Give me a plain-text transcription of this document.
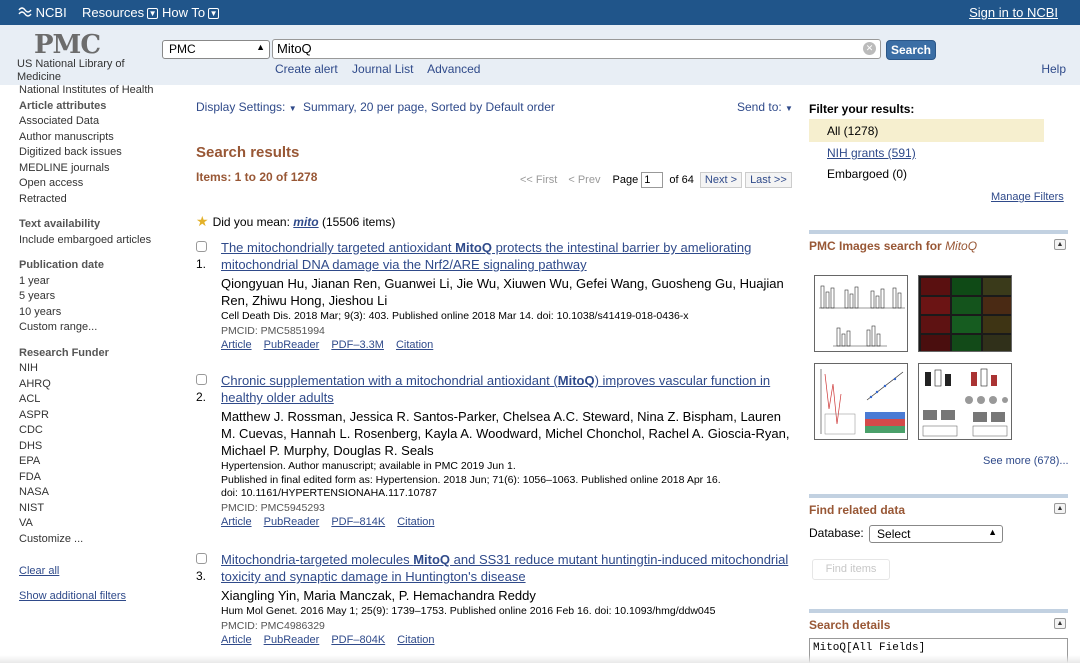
NCBI Resources ▼ How To ▼	Sign in to NCBI
PMC
US National Library of
Medicine
PMC	▲ MitoQ	✕	Search
Create alert Journal List Advanced	Help
National Institutes of Health
Article attributes
Associated Data
Author manuscripts
Digitized back issues
MEDLINE journals
Open access
Retracted
Text availability
Include embargoed articles
Publication date
1 year
5 years
10 years
Custom range...
Research Funder
NIH
AHRQ
ACL
ASPR
CDC
DHS
EPA
FDA
NASA
NIST
VA
Customize ...
Clear all
Show additional filters
Display Settings: ▼ Summary, 20 per page, Sorted by Default order	Send to: ▼
Search results
Items: 1 to 20 of 1278	<< First < Prev Page 1	of 64 Next > Last >>
★ Did you mean: mito (15506 items)
1.
The mitochondrially targeted antioxidant MitoQ protects the intestinal barrier by ameliorating mitochondrial DNA damage via the Nrf2/ARE signaling pathway
Qiongyuan Hu, Jianan Ren, Guanwei Li, Jie Wu, Xiuwen Wu, Gefei Wang, Guosheng Gu, Huajian Ren, Zhiwu Hong, Jieshou Li
Cell Death Dis. 2018 Mar; 9(3): 403. Published online 2018 Mar 14. doi: 10.1038/s41419-018-0436-x
PMCID: PMC5851994
Article PubReader PDF–3.3M Citation
2.
Chronic supplementation with a mitochondrial antioxidant (MitoQ) improves vascular function in healthy older adults
Matthew J. Rossman, Jessica R. Santos-Parker, Chelsea A.C. Steward, Nina Z. Bispham, Lauren M. Cuevas, Hannah L. Rosenberg, Kayla A. Woodward, Michel Chonchol, Rachel A. Gioscia-Ryan, Michael P. Murphy, Douglas R. Seals
Hypertension. Author manuscript; available in PMC 2019 Jun 1.
Published in final edited form as: Hypertension. 2018 Jun; 71(6): 1056–1063. Published online 2018 Apr 16.
doi: 10.1161/HYPERTENSIONAHA.117.10787
PMCID: PMC5945293
Article PubReader PDF–814K Citation
3.
Mitochondria-targeted molecules MitoQ and SS31 reduce mutant huntingtin-induced mitochondrial toxicity and synaptic damage in Huntington's disease
Xiangling Yin, Maria Manczak, P. Hemachandra Reddy
Hum Mol Genet. 2016 May 1; 25(9): 1739–1753. Published online 2016 Feb 16. doi: 10.1093/hmg/ddw045
PMCID: PMC4986329
Article PubReader PDF–804K Citation
Filter your results:
All (1278)
NIH grants (591)
Embargoed (0)
Manage Filters
PMC Images search for MitoQ	▲
See more (678)...
Find related data	▲
Database: Select	▲
Find items
Search details	▲
MitoQ[All Fields]
